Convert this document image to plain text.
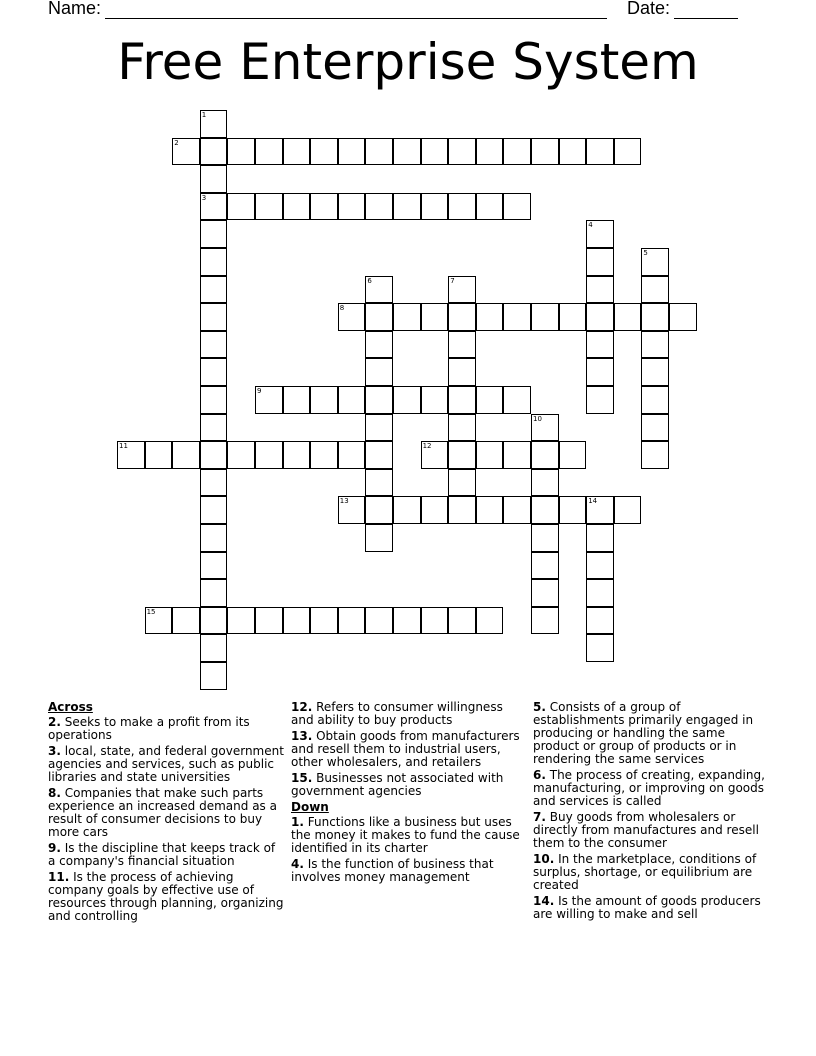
Name:	Date:
Free Enterprise System
1
3
2
4
5
6	7
8
9
10
11	12
13	14
15
Across
2. Seeks to make a profit from its operations
3. local, state, and federal government agencies and services, such as public libraries and state universities
8. Companies that make such parts experience an increased demand as a result of consumer decisions to buy more cars
9. Is the discipline that keeps track of a company's financial situation
11. Is the process of achieving company goals by effective use of resources through planning, organizing and controlling
12. Refers to consumer willingness and ability to buy products
13. Obtain goods from manufacturers and resell them to industrial users, other wholesalers, and retailers
15. Businesses not associated with government agencies
Down
1. Functions like a business but uses the money it makes to fund the cause identified in its charter
4. Is the function of business that involves money management
5. Consists of a group of establishments primarily engaged in producing or handling the same product or group of products or in rendering the same services
6. The process of creating, expanding, manufacturing, or improving on goods and services is called
7. Buy goods from wholesalers or directly from manufactures and resell them to the consumer
10. In the marketplace, conditions of surplus, shortage, or equilibrium are created
14. Is the amount of goods producers are willing to make and sell
